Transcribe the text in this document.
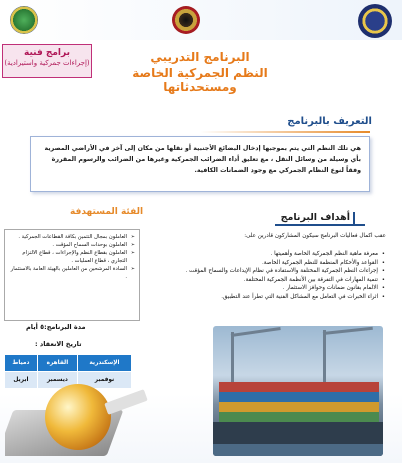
برامج فنية
(إجراءات جمركية واستيرادية)	البرنامج التدريبي
النظم الجمركية الخاصة ومستحدثاتها
التعريف بالبرنامج
هي تلك النظم التي يتم بموجبها إدخال البضائع الأجنبية أو نقلها من مكان إلى آخر في الأراضي المصرية بأي وسيلة من وسائل النقل ، مع تعليق أداء الضرائب الجمركية وغيرها من الضرائب والرسوم المقررة وفقاً لنوع النظام الجمركي مع وجود الضمانات الكافية.
الفئة المستهدفة
➢ العاملون بمجال التثمين بكافة القطاعات الجمركية .
➢ العاملون بوحدات السماح المؤقت .
➢ العاملون بقطاع النظم والإجراءات ، قطاع الالتزام التجاري ، قطاع العمليات .
➢ السادة المرشحين من العاملين بالهيئة العامة بالاستثمار .
أهداف البرنامج
عقب اكمال فعاليات البرنامج سيكون المشاركون قادرين على:
• معرفة ماهية النظم الجمركية الخاصة وأهميتها .
• القواعد والأحكام المنظمة للنظم الجمركية الخاصة.
• إجراءات النظم الجمركية المختلفة والاستفادة في نظام الإيداعات والسماح المؤقت .
• تنمية المهارات في التفرقة بين الأنظمة الجمركية المختلفة.
• الالمام بقانون ضمانات وحوافز الاستثمار .
• اثراء الخبرات في التعامل مع المشاكل الفنية التي تطرأ عند التطبيق.
مدة البرنامج:٥ أيام
تاريخ الانعقاد :
الإسكندرية	القاهرة	دمياط
نوفمبر	ديسمبر	ابريل
